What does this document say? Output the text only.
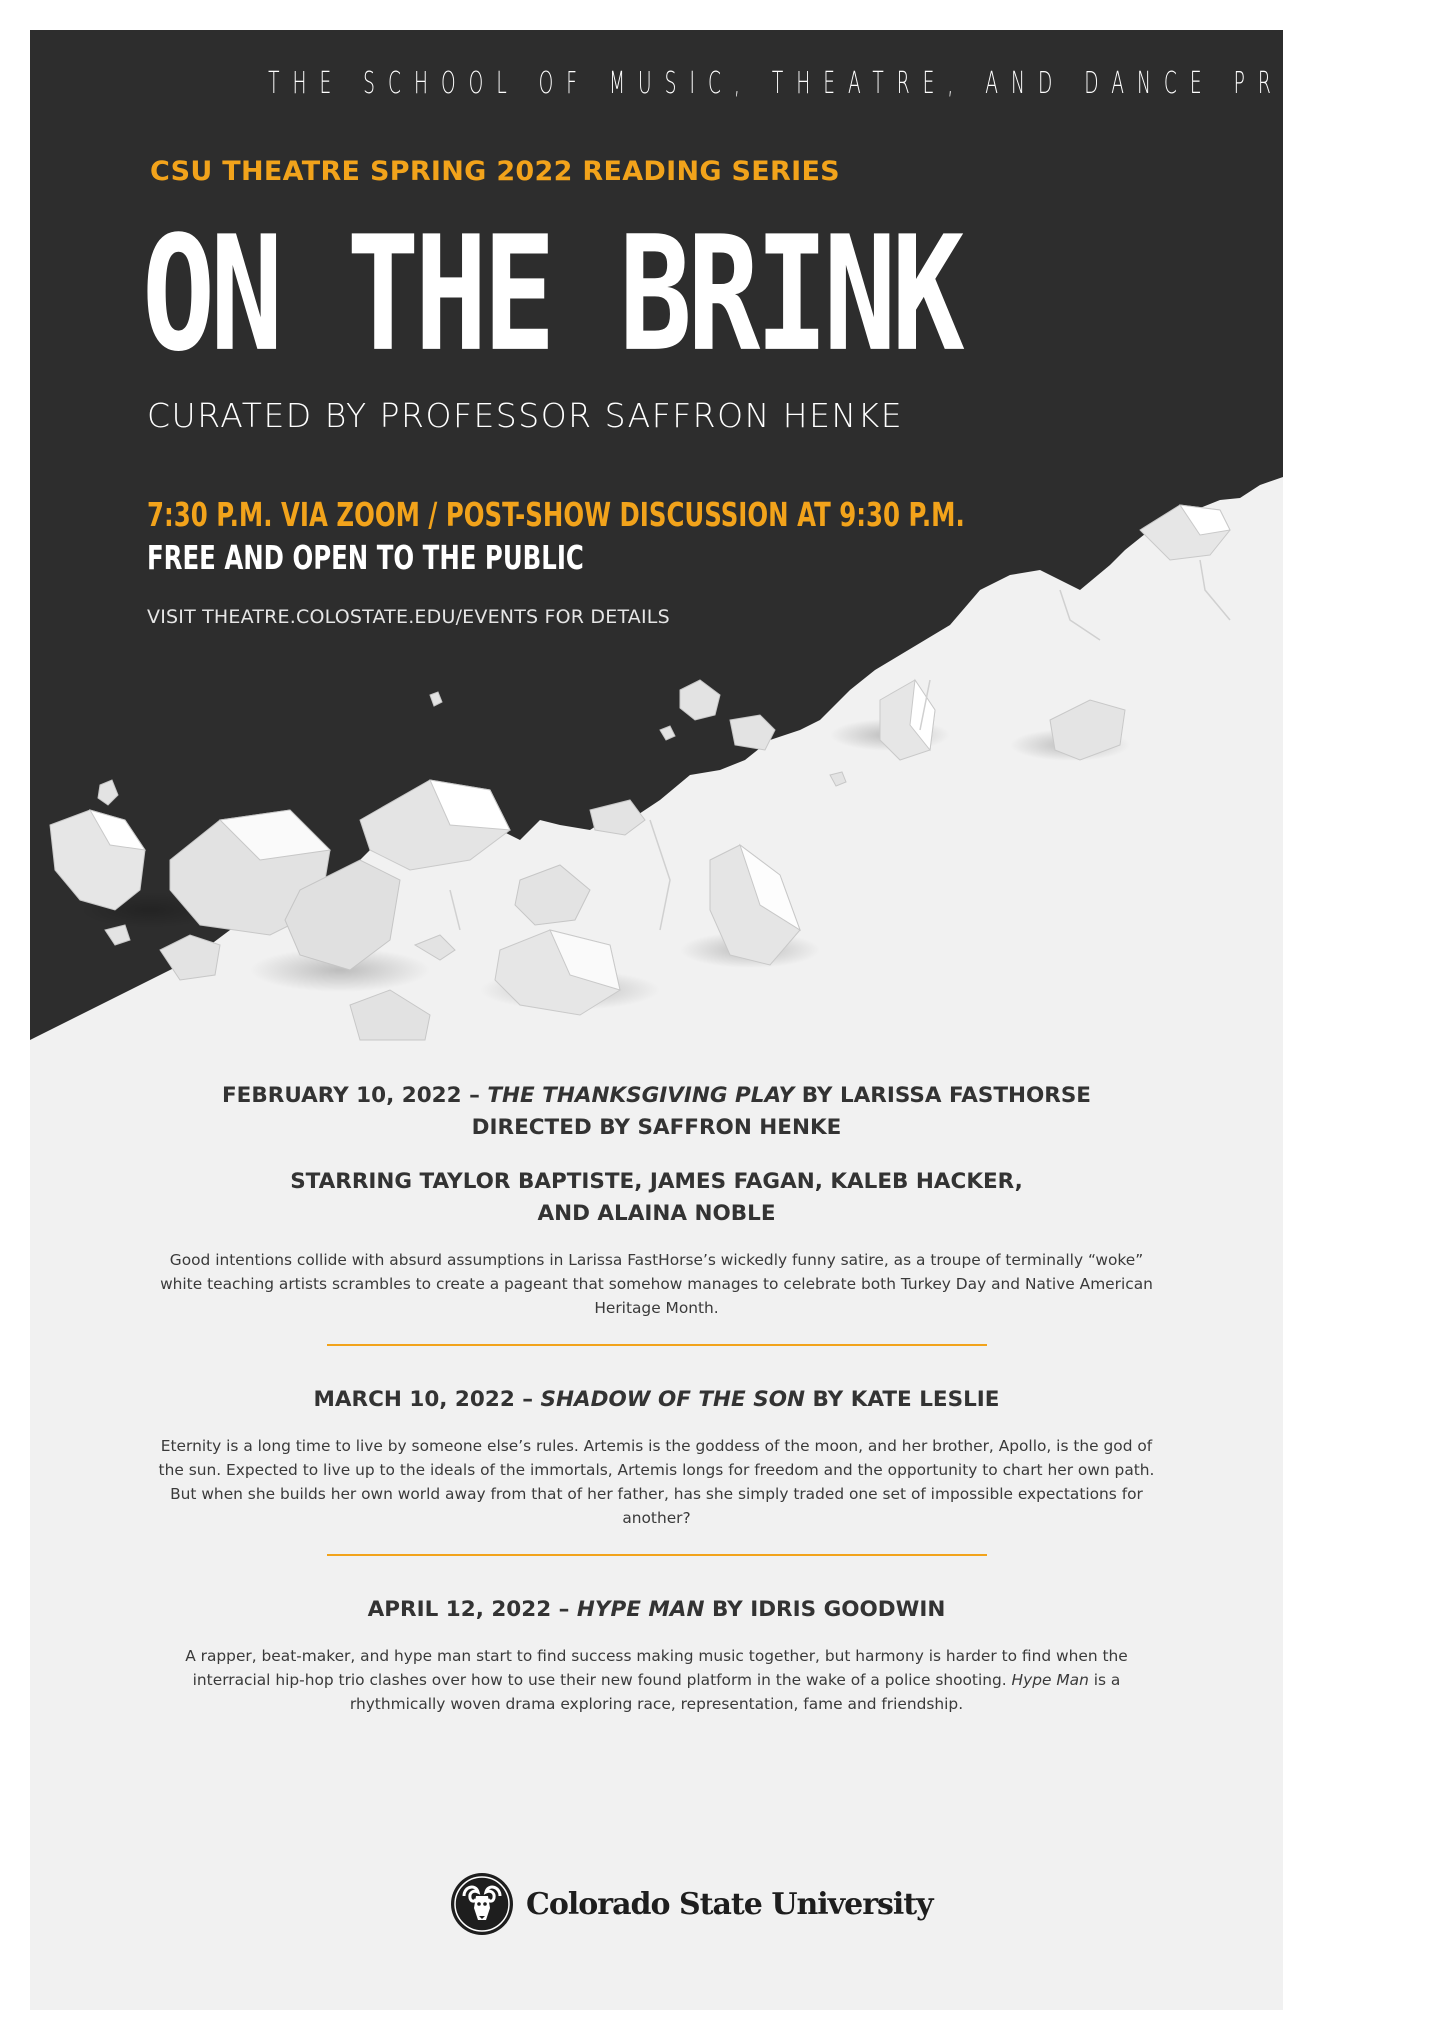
THE SCHOOL OF MUSIC, THEATRE, AND DANCE PRESENTS
CSU THEATRE SPRING 2022 READING SERIES
ON THE BRINK
CURATED BY PROFESSOR SAFFRON HENKE
7:30 P.M. VIA ZOOM / POST-SHOW DISCUSSION AT 9:30 P.M.
FREE AND OPEN TO THE PUBLIC
VISIT THEATRE.COLOSTATE.EDU/EVENTS FOR DETAILS
FEBRUARY 10, 2022 – THE THANKSGIVING PLAY BY LARISSA FASTHORSE
DIRECTED BY SAFFRON HENKE
STARRING TAYLOR BAPTISTE, JAMES FAGAN, KALEB HACKER,
AND ALAINA NOBLE
Good intentions collide with absurd assumptions in Larissa FastHorse’s wickedly funny satire, as a troupe of terminally “woke” white teaching artists scrambles to create a pageant that somehow manages to celebrate both Turkey Day and Native American Heritage Month.
MARCH 10, 2022 – SHADOW OF THE SON BY KATE LESLIE
Eternity is a long time to live by someone else’s rules. Artemis is the goddess of the moon, and her brother, Apollo, is the god of the sun. Expected to live up to the ideals of the immortals, Artemis longs for freedom and the opportunity to chart her own path. But when she builds her own world away from that of her father, has she simply traded one set of impossible expectations for another?
APRIL 12, 2022 – HYPE MAN BY IDRIS GOODWIN
A rapper, beat-maker, and hype man start to find success making music together, but harmony is harder to find when the interracial hip-hop trio clashes over how to use their new found platform in the wake of a police shooting. Hype Man is a rhythmically woven drama exploring race, representation, fame and friendship.
Colorado State University
